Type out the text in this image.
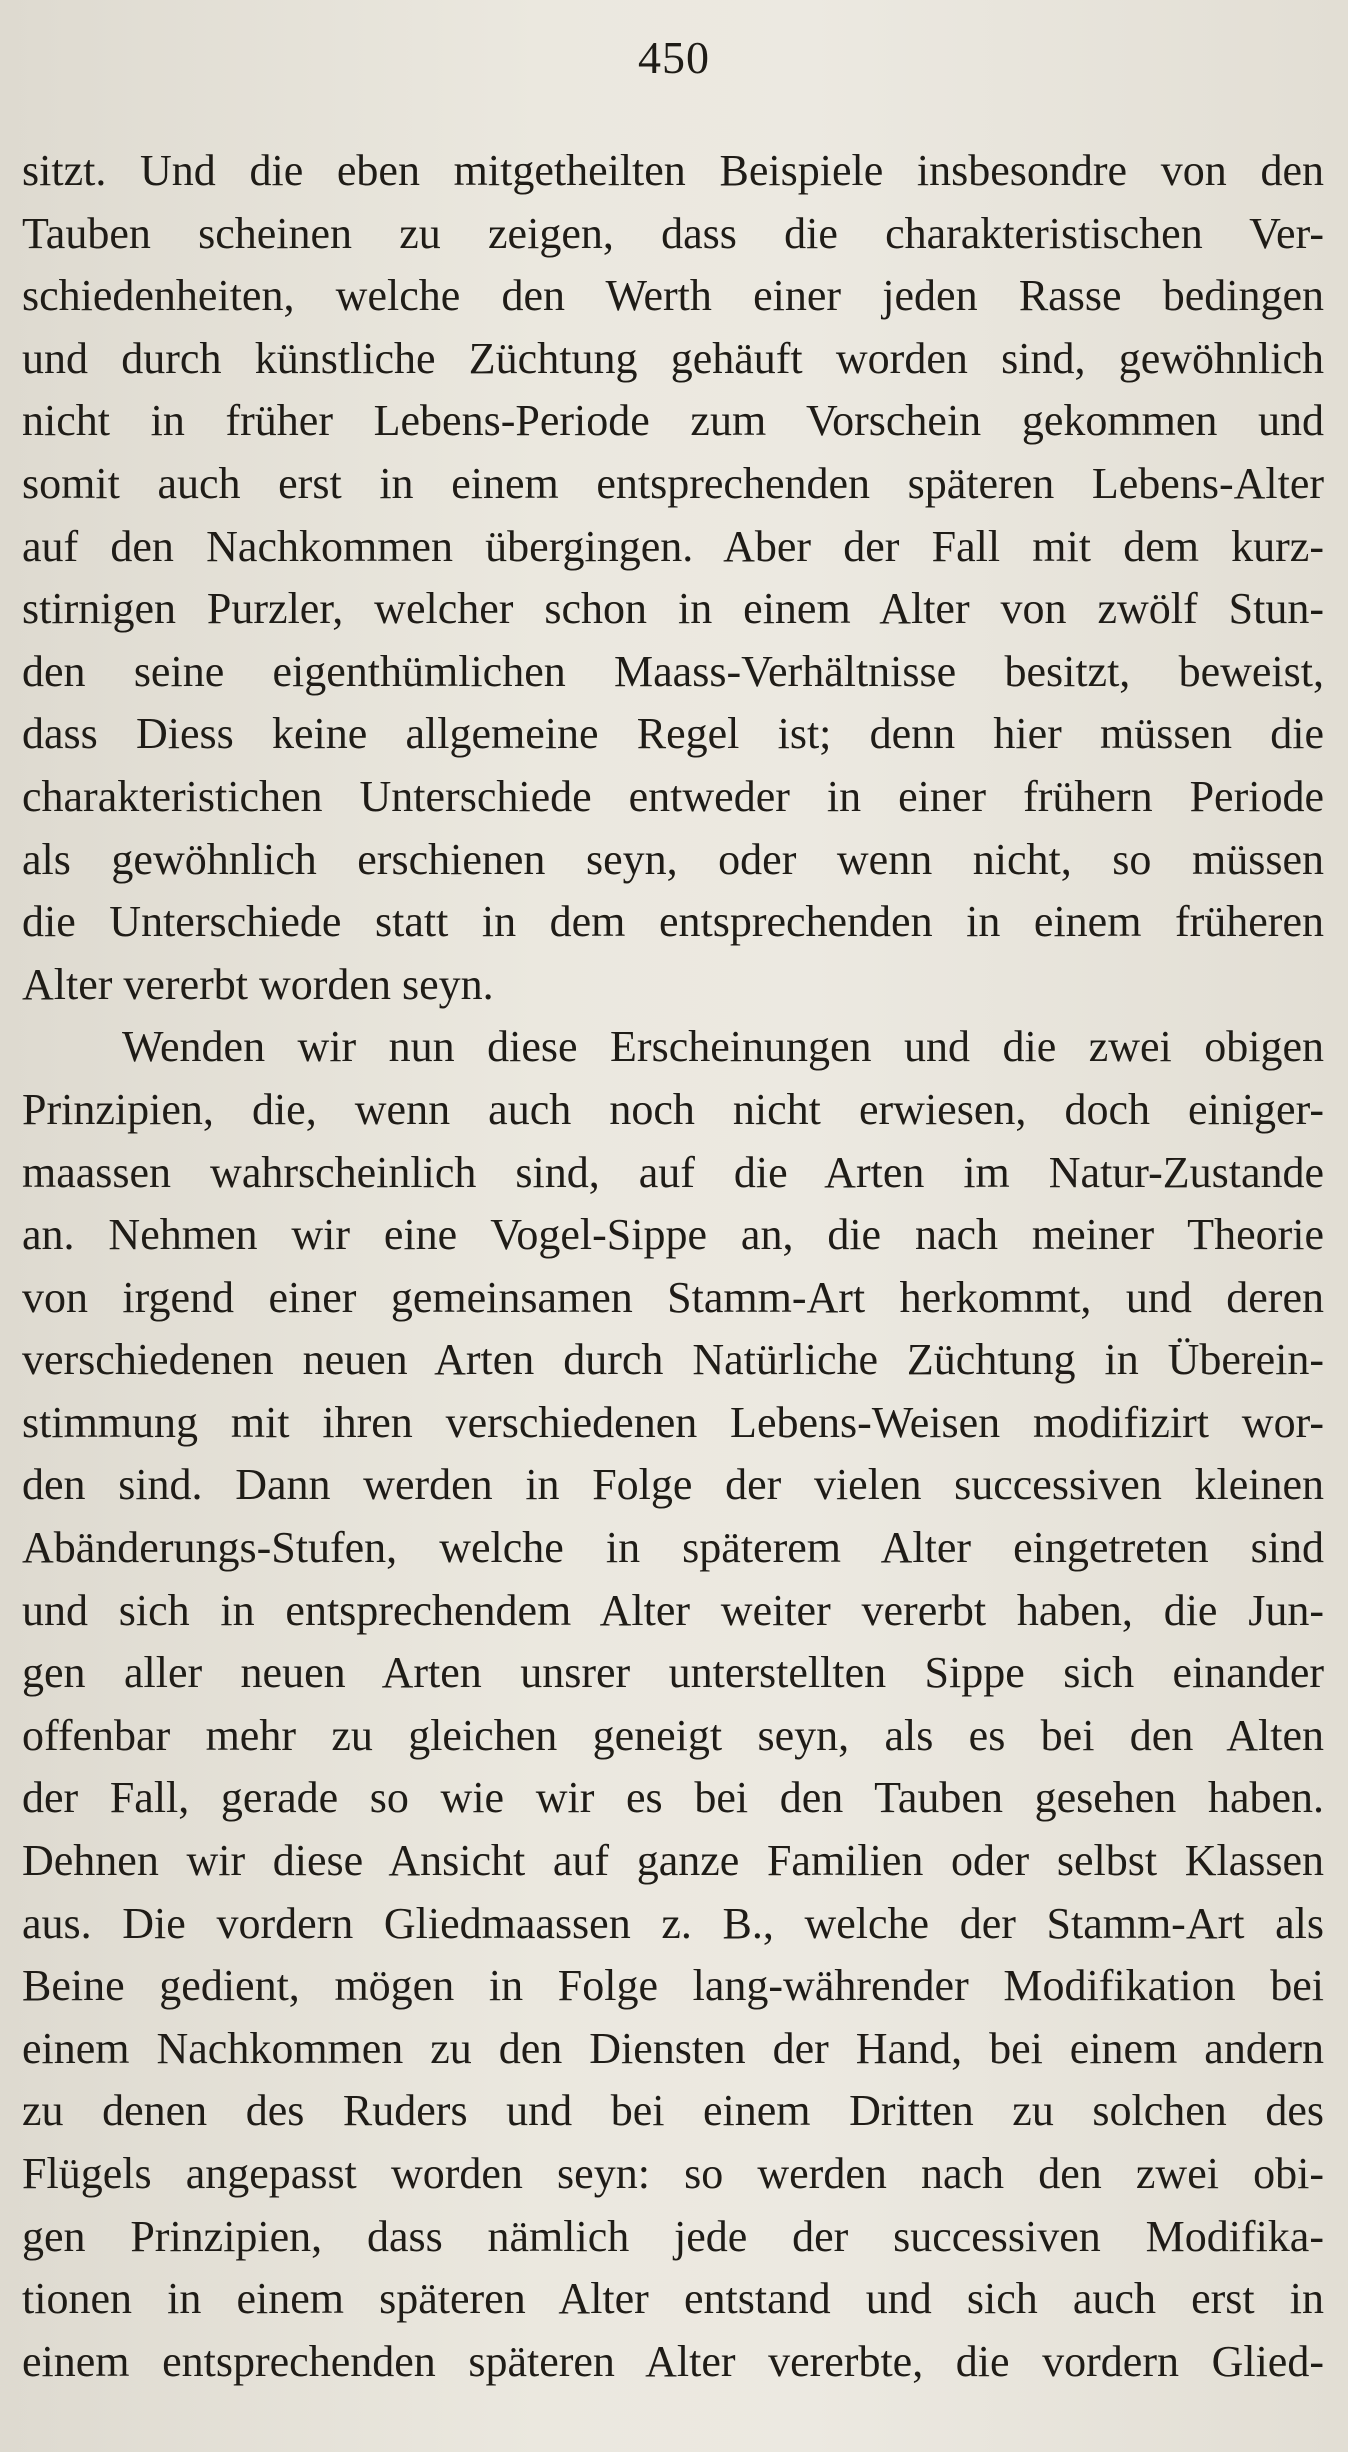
450
sitzt. Und die eben mitgetheilten Beispiele insbesondre von den
Tauben scheinen zu zeigen, dass die charakteristischen Ver-
schiedenheiten, welche den Werth einer jeden Rasse bedingen
und durch künstliche Züchtung gehäuft worden sind, gewöhnlich
nicht in früher Lebens-Periode zum Vorschein gekommen und
somit auch erst in einem entsprechenden späteren Lebens-Alter
auf den Nachkommen übergingen. Aber der Fall mit dem kurz-
stirnigen Purzler, welcher schon in einem Alter von zwölf Stun-
den seine eigenthümlichen Maass-Verhältnisse besitzt, beweist,
dass Diess keine allgemeine Regel ist; denn hier müssen die
charakteristichen Unterschiede entweder in einer frühern Periode
als gewöhnlich erschienen seyn, oder wenn nicht, so müssen
die Unterschiede statt in dem entsprechenden in einem früheren
Alter vererbt worden seyn.
Wenden wir nun diese Erscheinungen und die zwei obigen
Prinzipien, die, wenn auch noch nicht erwiesen, doch einiger-
maassen wahrscheinlich sind, auf die Arten im Natur-Zustande
an. Nehmen wir eine Vogel-Sippe an, die nach meiner Theorie
von irgend einer gemeinsamen Stamm-Art herkommt, und deren
verschiedenen neuen Arten durch Natürliche Züchtung in Überein-
stimmung mit ihren verschiedenen Lebens-Weisen modifizirt wor-
den sind. Dann werden in Folge der vielen successiven kleinen
Abänderungs-Stufen, welche in späterem Alter eingetreten sind
und sich in entsprechendem Alter weiter vererbt haben, die Jun-
gen aller neuen Arten unsrer unterstellten Sippe sich einander
offenbar mehr zu gleichen geneigt seyn, als es bei den Alten
der Fall, gerade so wie wir es bei den Tauben gesehen haben.
Dehnen wir diese Ansicht auf ganze Familien oder selbst Klassen
aus. Die vordern Gliedmaassen z. B., welche der Stamm-Art als
Beine gedient, mögen in Folge lang-währender Modifikation bei
einem Nachkommen zu den Diensten der Hand, bei einem andern
zu denen des Ruders und bei einem Dritten zu solchen des
Flügels angepasst worden seyn: so werden nach den zwei obi-
gen Prinzipien, dass nämlich jede der successiven Modifika-
tionen in einem späteren Alter entstand und sich auch erst in
einem entsprechenden späteren Alter vererbte, die vordern Glied-
